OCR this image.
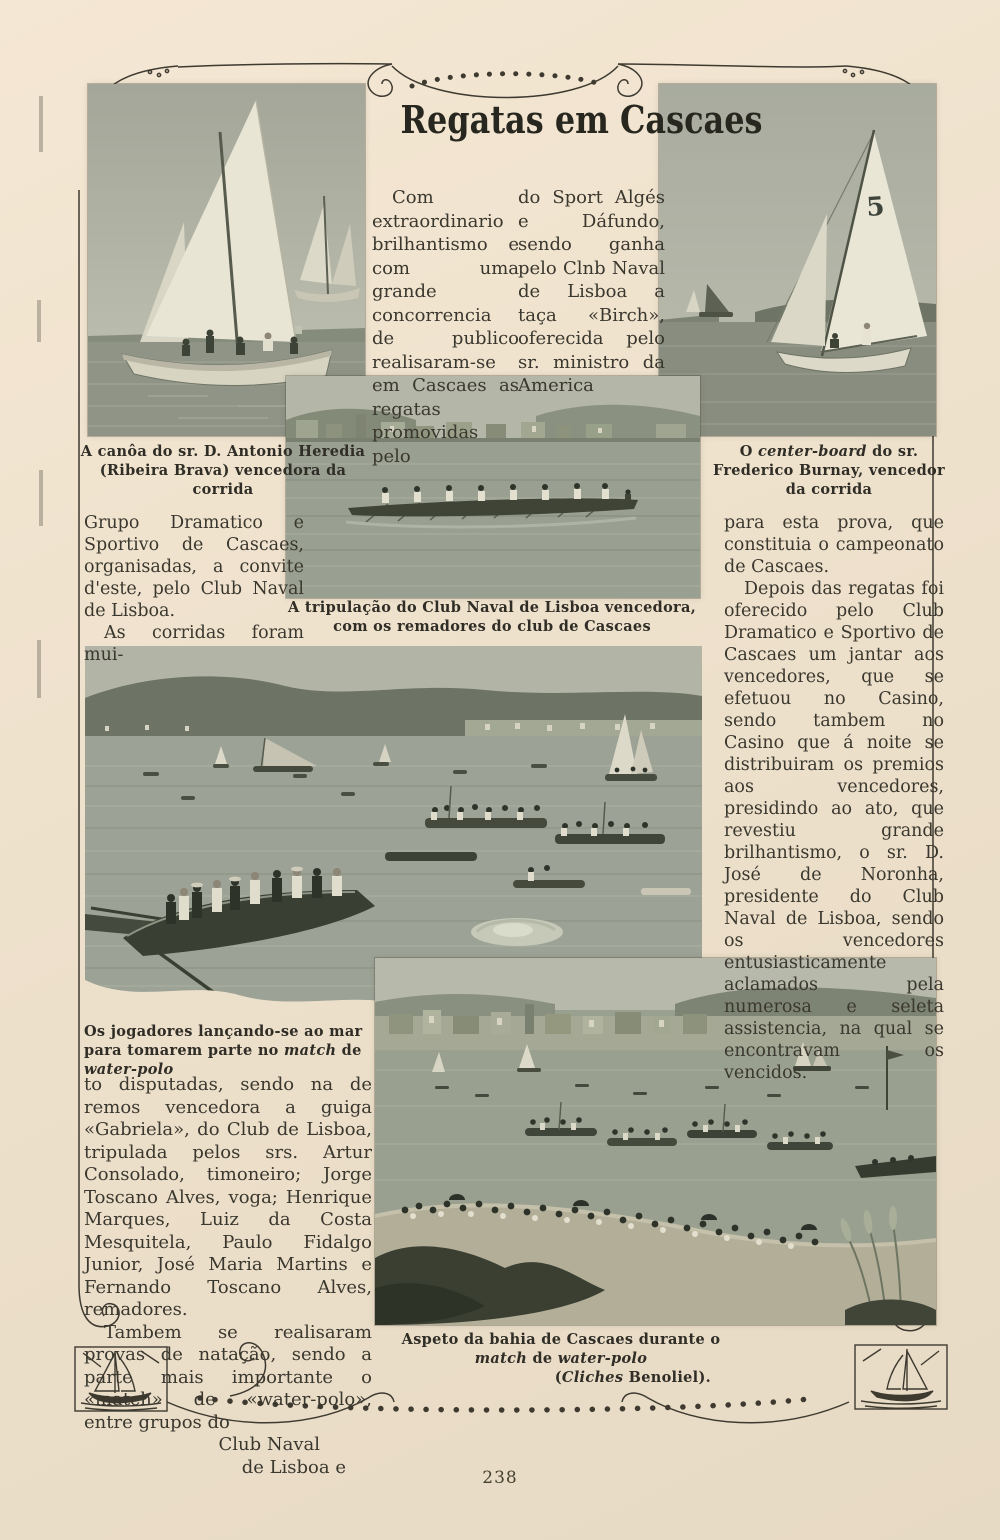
Regatas em Cascaes
5

Com extraordinario brilhantismo e com uma grande concorrencia de publico realisaram-se em Cascaes as regatas promovidas pelo

do Sport Algés e Dáfundo, sendo ganha pelo Clnb Naval de Lisboa a taça «Birch», oferecida pelo sr. ministro da America

A canôa do sr. D. Antonio Heredia (Ribeira Brava) vencedora da corrida
O center-board do sr. Frederico Burnay, vencedor da corrida

Grupo Dramatico e Sportivo de Cascaes, organisadas, a convite d'este, pelo Club Naval de Lisboa.

As corridas foram mui-

A tripulação do Club Naval de Lisboa vencedora, com os remadores do club de Cascaes

para esta prova, que constituia o campeonato de Cascaes.

Depois das regatas foi oferecido pelo Club Dramatico e Sportivo de Cascaes um jantar aos vencedores, que se efetuou no Casino, sendo tambem no Casino que á noite se distribuiram os premios aos vencedores, presidindo ao ato, que revestiu grande brilhantismo, o sr. D. José de Noronha, presidente do Club Naval de Lisboa, sendo os vencedores entusiasticamente aclamados pela numerosa e seleta assistencia, na qual se encontravam os vencidos.

Os jogadores lançando-se ao mar para tomarem parte no match de water-polo

to disputadas, sendo na de remos vencedora a guiga «Gabriela», do Club de Lisboa, tripulada pelos srs. Artur Consolado, timoneiro; Jorge Toscano Alves, voga; Henrique Marques, Luiz da Costa Mesquitela, Paulo Fidalgo Junior, José Maria Martins e Fernando Toscano Alves, remadores.

Tambem se realisaram provas de natação, sendo a parte mais importante o «match» de «water-polo», entre grupos do

Club Naval

de Lisboa e

Aspeto da bahia de Cascaes durante o match de water-polo
(Cliches Benoliel).
238
